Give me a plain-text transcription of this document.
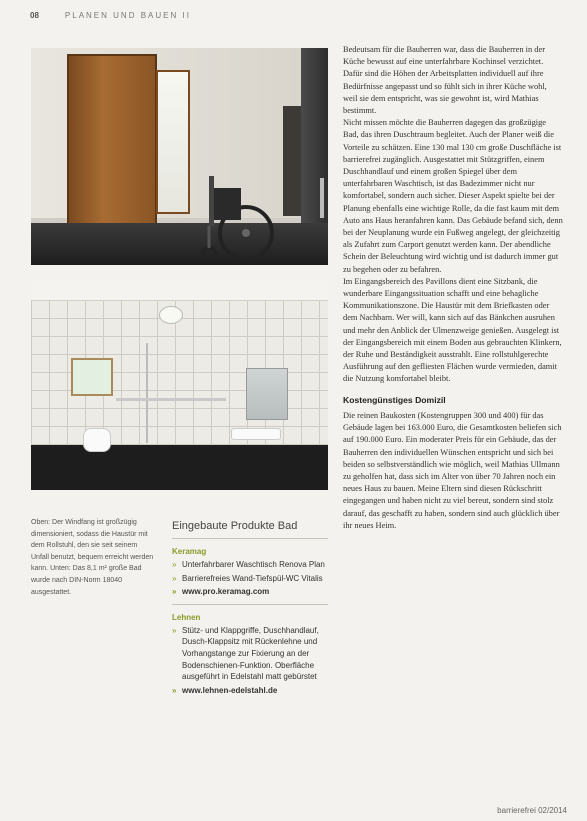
08	PLANEN UND BAUEN II

Bedeutsam für die Bauherren war, dass die Bauherren in der Küche bewusst auf eine unterfahrbare Kochinsel verzichtet. Dafür sind die Höhen der Arbeitsplatten individuell auf ihre Bedürfnisse angepasst und so fühlt sich in ihrer Küche wohl, weil sie dem entspricht, was sie gewohnt ist, wird Mathias bestimmt.

Nicht missen möchte die Bauherren dagegen das großzügige Bad, das ihren Duschtraum begleitet. Auch der Planer weiß die Vorteile zu schätzen. Eine 130 mal 130 cm große Duschfläche ist barrierefrei zugänglich. Ausgestattet mit Stützgriffen, einem Duschhandlauf und einem großen Spiegel über dem unterfahrbaren Waschtisch, ist das Badezimmer nicht nur komfortabel, sondern auch sicher. Dieser Aspekt spielte bei der Planung ebenfalls eine wichtige Rolle, da die fast kaum mit dem Auto ans Haus heranfahren kann. Das Gebäude befand sich, denn bei der Neuplanung wurde ein Fußweg angelegt, der gleichzeitig als Zufahrt zum Carport genutzt werden kann. Der abendliche Schein der Beleuchtung wird wichtig und ist dadurch immer gut zu begehen oder zu befahren.

Im Eingangsbereich des Pavillons dient eine Sitzbank, die wunderbare Eingangssituation schafft und eine behagliche Kommunikationszone. Die Haustür mit dem Briefkasten oder dem Nachbarn. Wer will, kann sich auf das Bänkchen ausruhen und mehr den Anblick der Ulmenzweige genießen. Ausgelegt ist der Eingangsbereich mit einem Boden aus gebrauchten Klinkern, der Ruhe und Beständigkeit ausstrahlt. Eine rollstuhlgerechte Ausführung auf den gefliesten Flächen wurde vermieden, damit die Nutzung komfortabel bleibt.

Kostengünstiges Domizil

Die reinen Baukosten (Kostengruppen 300 und 400) für das Gebäude lagen bei 163.000 Euro, die Gesamtkosten beliefen sich auf 190.000 Euro. Ein moderater Preis für ein Gebäude, das der Bauherren den individuellen Wünschen entspricht und sich bei beiden so selbstverständlich wie möglich, weil Mathias Ullmann zu geholfen hat, dass sich im Alter von über 70 Jahren noch ein neues Haus zu bauen. Meine Eltern sind diesen Rückschritt eingegangen und haben nicht zu viel bereut, sondern sind stolz darauf, das geschafft zu haben, sondern sind auch glücklich über ihr neues Heim.

Oben: Der Windfang ist großzügig dimensioniert, sodass die Haustür mit dem Rollstuhl, den sie seit seinem Unfall benutzt, bequem erreicht werden kann. Unten: Das 8,1 m² große Bad wurde nach DIN-Norm 18040 ausgestattet.
Eingebaute Produkte Bad
Keramag
» Unterfahrbarer Waschtisch Renova Plan
» Barrierefreies Wand-Tiefspül-WC Vitalis
» www.pro.keramag.com
Lehnen
» Stütz- und Klappgriffe, Duschhandlauf, Dusch-Klappsitz mit Rückenlehne und Vorhangstange zur Fixierung an der Bodenschienen-Funktion. Oberfläche ausgeführt in Edelstahl matt gebürstet
» www.lehnen-edelstahl.de
barrierefrei 02/2014
